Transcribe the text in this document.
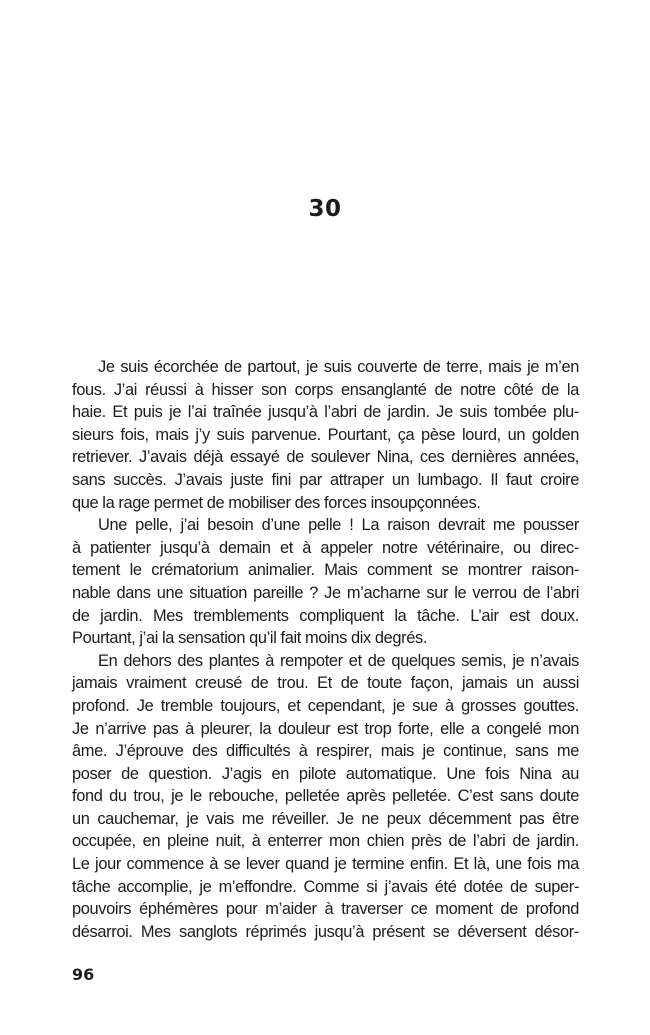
30

Je suis écorchée de partout, je suis couverte de terre, mais je m’en
fous. J’ai réussi à hisser son corps ensanglanté de notre côté de la
haie. Et puis je l’ai traînée jusqu’à l’abri de jardin. Je suis tombée plu-
sieurs fois, mais j’y suis parvenue. Pourtant, ça pèse lourd, un golden
retriever. J’avais déjà essayé de soulever Nina, ces dernières années,
sans succès. J’avais juste fini par attraper un lumbago. Il faut croire
que la rage permet de mobiliser des forces insoupçonnées.

Une pelle, j’ai besoin d’une pelle ! La raison devrait me pousser
à patienter jusqu’à demain et à appeler notre vétérinaire, ou direc-
tement le crématorium animalier. Mais comment se montrer raison-
nable dans une situation pareille ? Je m’acharne sur le verrou de l’abri
de jardin. Mes tremblements compliquent la tâche. L’air est doux.
Pourtant, j’ai la sensation qu’il fait moins dix degrés.

En dehors des plantes à rempoter et de quelques semis, je n’avais
jamais vraiment creusé de trou. Et de toute façon, jamais un aussi
profond. Je tremble toujours, et cependant, je sue à grosses gouttes.
Je n’arrive pas à pleurer, la douleur est trop forte, elle a congelé mon
âme. J’éprouve des difficultés à respirer, mais je continue, sans me
poser de question. J’agis en pilote automatique. Une fois Nina au
fond du trou, je le rebouche, pelletée après pelletée. C’est sans doute
un cauchemar, je vais me réveiller. Je ne peux décemment pas être
occupée, en pleine nuit, à enterrer mon chien près de l’abri de jardin.
Le jour commence à se lever quand je termine enfin. Et là, une fois ma
tâche accomplie, je m’effondre. Comme si j’avais été dotée de super-
pouvoirs éphémères pour m’aider à traverser ce moment de profond
désarroi. Mes sanglots réprimés jusqu’à présent se déversent désor-

96
